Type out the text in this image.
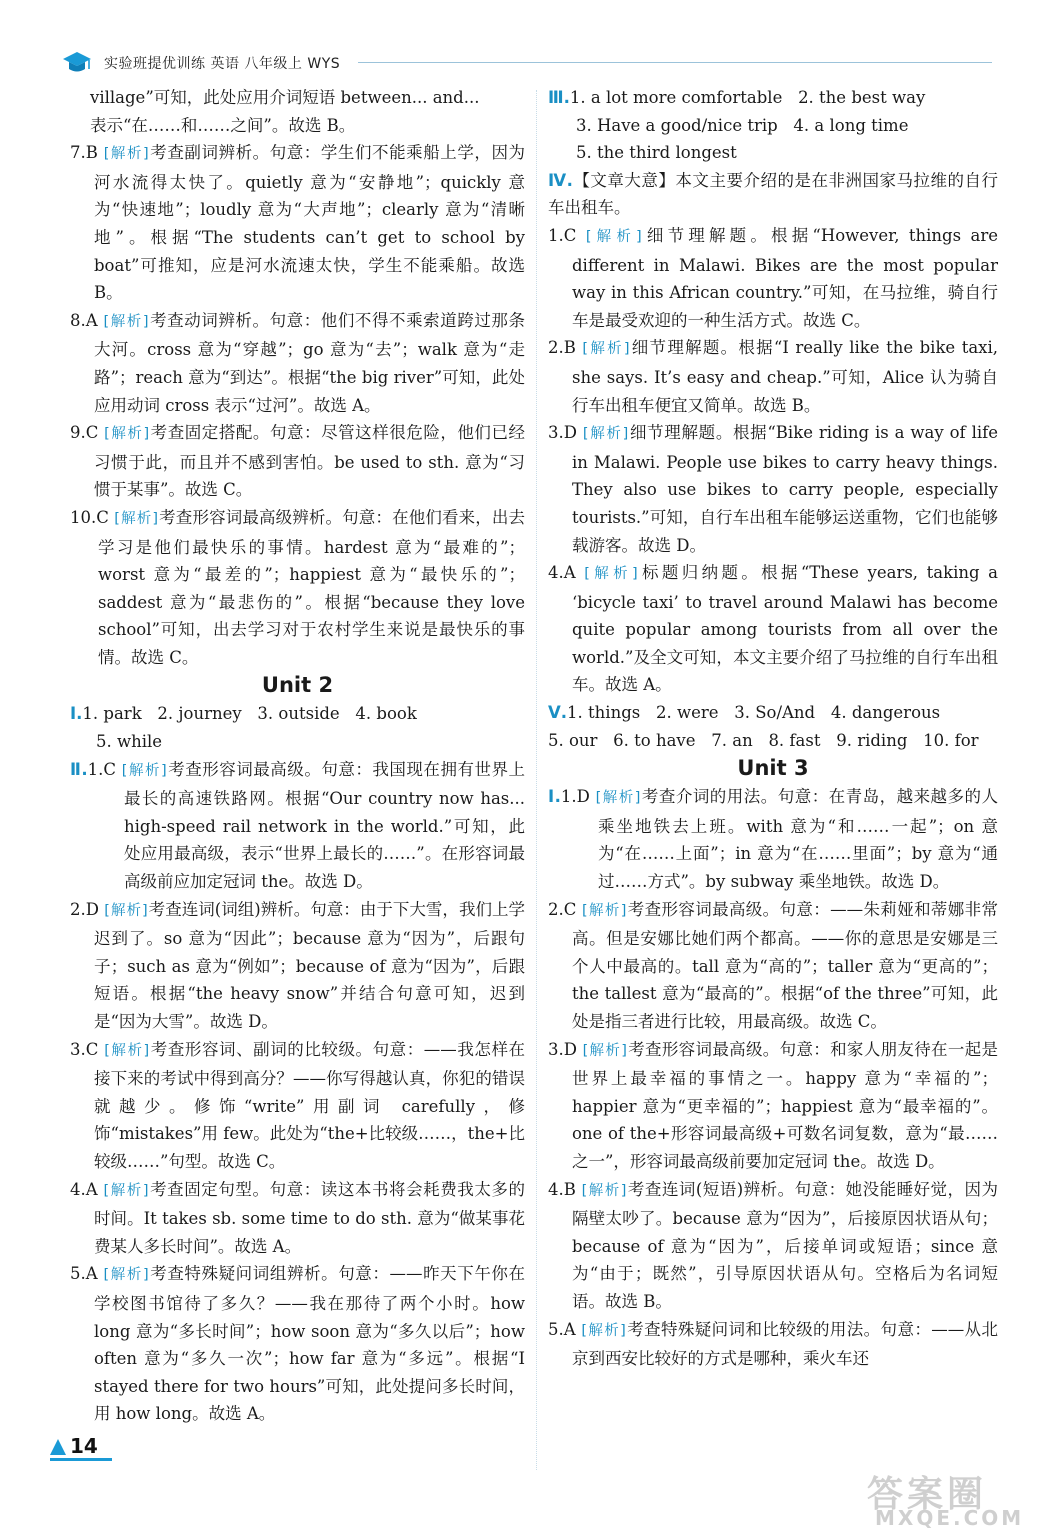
实验班提优训练 英语 八年级上 WYS

village”可知，此处应用介词短语 between... and...

表示“在……和……之间”。故选 B。

7.B [解析]考查副词辨析。句意：学生们不能乘船上学，因为河水流得太快了。quietly 意为“安静地”；quickly 意为“快速地”；loudly 意为“大声地”；clearly 意为“清晰地”。根据“The students can’t get to school by boat”可推知，应是河水流速太快，学生不能乘船。故选 B。

8.A [解析]考查动词辨析。句意：他们不得不乘索道跨过那条大河。cross 意为“穿越”；go 意为“去”；walk 意为“走路”；reach 意为“到达”。根据“the big river”可知，此处应用动词 cross 表示“过河”。故选 A。

9.C [解析]考查固定搭配。句意：尽管这样很危险，他们已经习惯于此，而且并不感到害怕。be used to sth. 意为“习惯于某事”。故选 C。

10.C [解析]考查形容词最高级辨析。句意：在他们看来，出去学习是他们最快乐的事情。hardest 意为“最难的”；worst 意为“最差的”；happiest 意为“最快乐的”；saddest 意为“最悲伤的”。根据“because they love school”可知，出去学习对于农村学生来说是最快乐的事情。故选 C。

Unit 2

Ⅰ.1. park   2. journey   3. outside   4. book

5. while

Ⅱ.1.C [解析]考查形容词最高级。句意：我国现在拥有世界上最长的高速铁路网。根据“Our country now has... high-speed rail network in the world.”可知，此处应用最高级，表示“世界上最长的……”。在形容词最高级前应加定冠词 the。故选 D。

2.D [解析]考查连词(词组)辨析。句意：由于下大雪，我们上学迟到了。so 意为“因此”；because 意为“因为”，后跟句子；such as 意为“例如”；because of 意为“因为”，后跟短语。根据“the heavy snow”并结合句意可知，迟到是“因为大雪”。故选 D。

3.C [解析]考查形容词、副词的比较级。句意：——我怎样在接下来的考试中得到高分？——你写得越认真，你犯的错误就越少。修饰“write”用副词 carefully，修饰“mistakes”用 few。此处为“the+比较级……，the+比较级……”句型。故选 C。

4.A [解析]考查固定句型。句意：读这本书将会耗费我太多的时间。It takes sb. some time to do sth. 意为“做某事花费某人多长时间”。故选 A。

5.A [解析]考查特殊疑问词组辨析。句意：——昨天下午你在学校图书馆待了多久？——我在那待了两个小时。how long 意为“多长时间”；how soon 意为“多久以后”；how often 意为“多久一次”；how far 意为“多远”。根据“I stayed there for two hours”可知，此处提问多长时间，用 how long。故选 A。

Ⅲ.1. a lot more comfortable   2. the best way

3. Have a good/nice trip   4. a long time

5. the third longest

Ⅳ.【文章大意】本文主要介绍的是在非洲国家马拉维的自行车出租车。

1.C [解析]细节理解题。根据“However, things are different in Malawi. Bikes are the most popular way in this African country.”可知，在马拉维，骑自行车是最受欢迎的一种生活方式。故选 C。

2.B [解析]细节理解题。根据“I really like the bike taxi, she says. It’s easy and cheap.”可知，Alice 认为骑自行车出租车便宜又简单。故选 B。

3.D [解析]细节理解题。根据“Bike riding is a way of life in Malawi. People use bikes to carry heavy things. They also use bikes to carry people, especially tourists.”可知，自行车出租车能够运送重物，它们也能够载游客。故选 D。

4.A [解析]标题归纳题。根据“These years, taking a ‘bicycle taxi’ to travel around Malawi has become quite popular among tourists from all over the world.”及全文可知，本文主要介绍了马拉维的自行车出租车。故选 A。

Ⅴ.1. things   2. were   3. So/And   4. dangerous

5. our   6. to have   7. an   8. fast   9. riding   10. for

Unit 3

Ⅰ.1.D [解析]考查介词的用法。句意：在青岛，越来越多的人乘坐地铁去上班。with 意为“和……一起”；on 意为“在……上面”；in 意为“在……里面”；by 意为“通过……方式”。by subway 乘坐地铁。故选 D。

2.C [解析]考查形容词最高级。句意：——朱莉娅和蒂娜非常高。但是安娜比她们两个都高。——你的意思是安娜是三个人中最高的。tall 意为“高的”；taller 意为“更高的”；the tallest 意为“最高的”。根据“of the three”可知，此处是指三者进行比较，用最高级。故选 C。

3.D [解析]考查形容词最高级。句意：和家人朋友待在一起是世界上最幸福的事情之一。happy 意为“幸福的”；happier 意为“更幸福的”；happiest 意为“最幸福的”。one of the+形容词最高级+可数名词复数，意为“最……之一”，形容词最高级前要加定冠词 the。故选 D。

4.B [解析]考查连词(短语)辨析。句意：她没能睡好觉，因为隔壁太吵了。because 意为“因为”，后接原因状语从句；because of 意为“因为”，后接单词或短语；since 意为“由于；既然”，引导原因状语从句。空格后为名词短语。故选 B。

5.A [解析]考查特殊疑问词和比较级的用法。句意：——从北京到西安比较好的方式是哪种，乘火车还

14
答案圈
MXQE.COM
